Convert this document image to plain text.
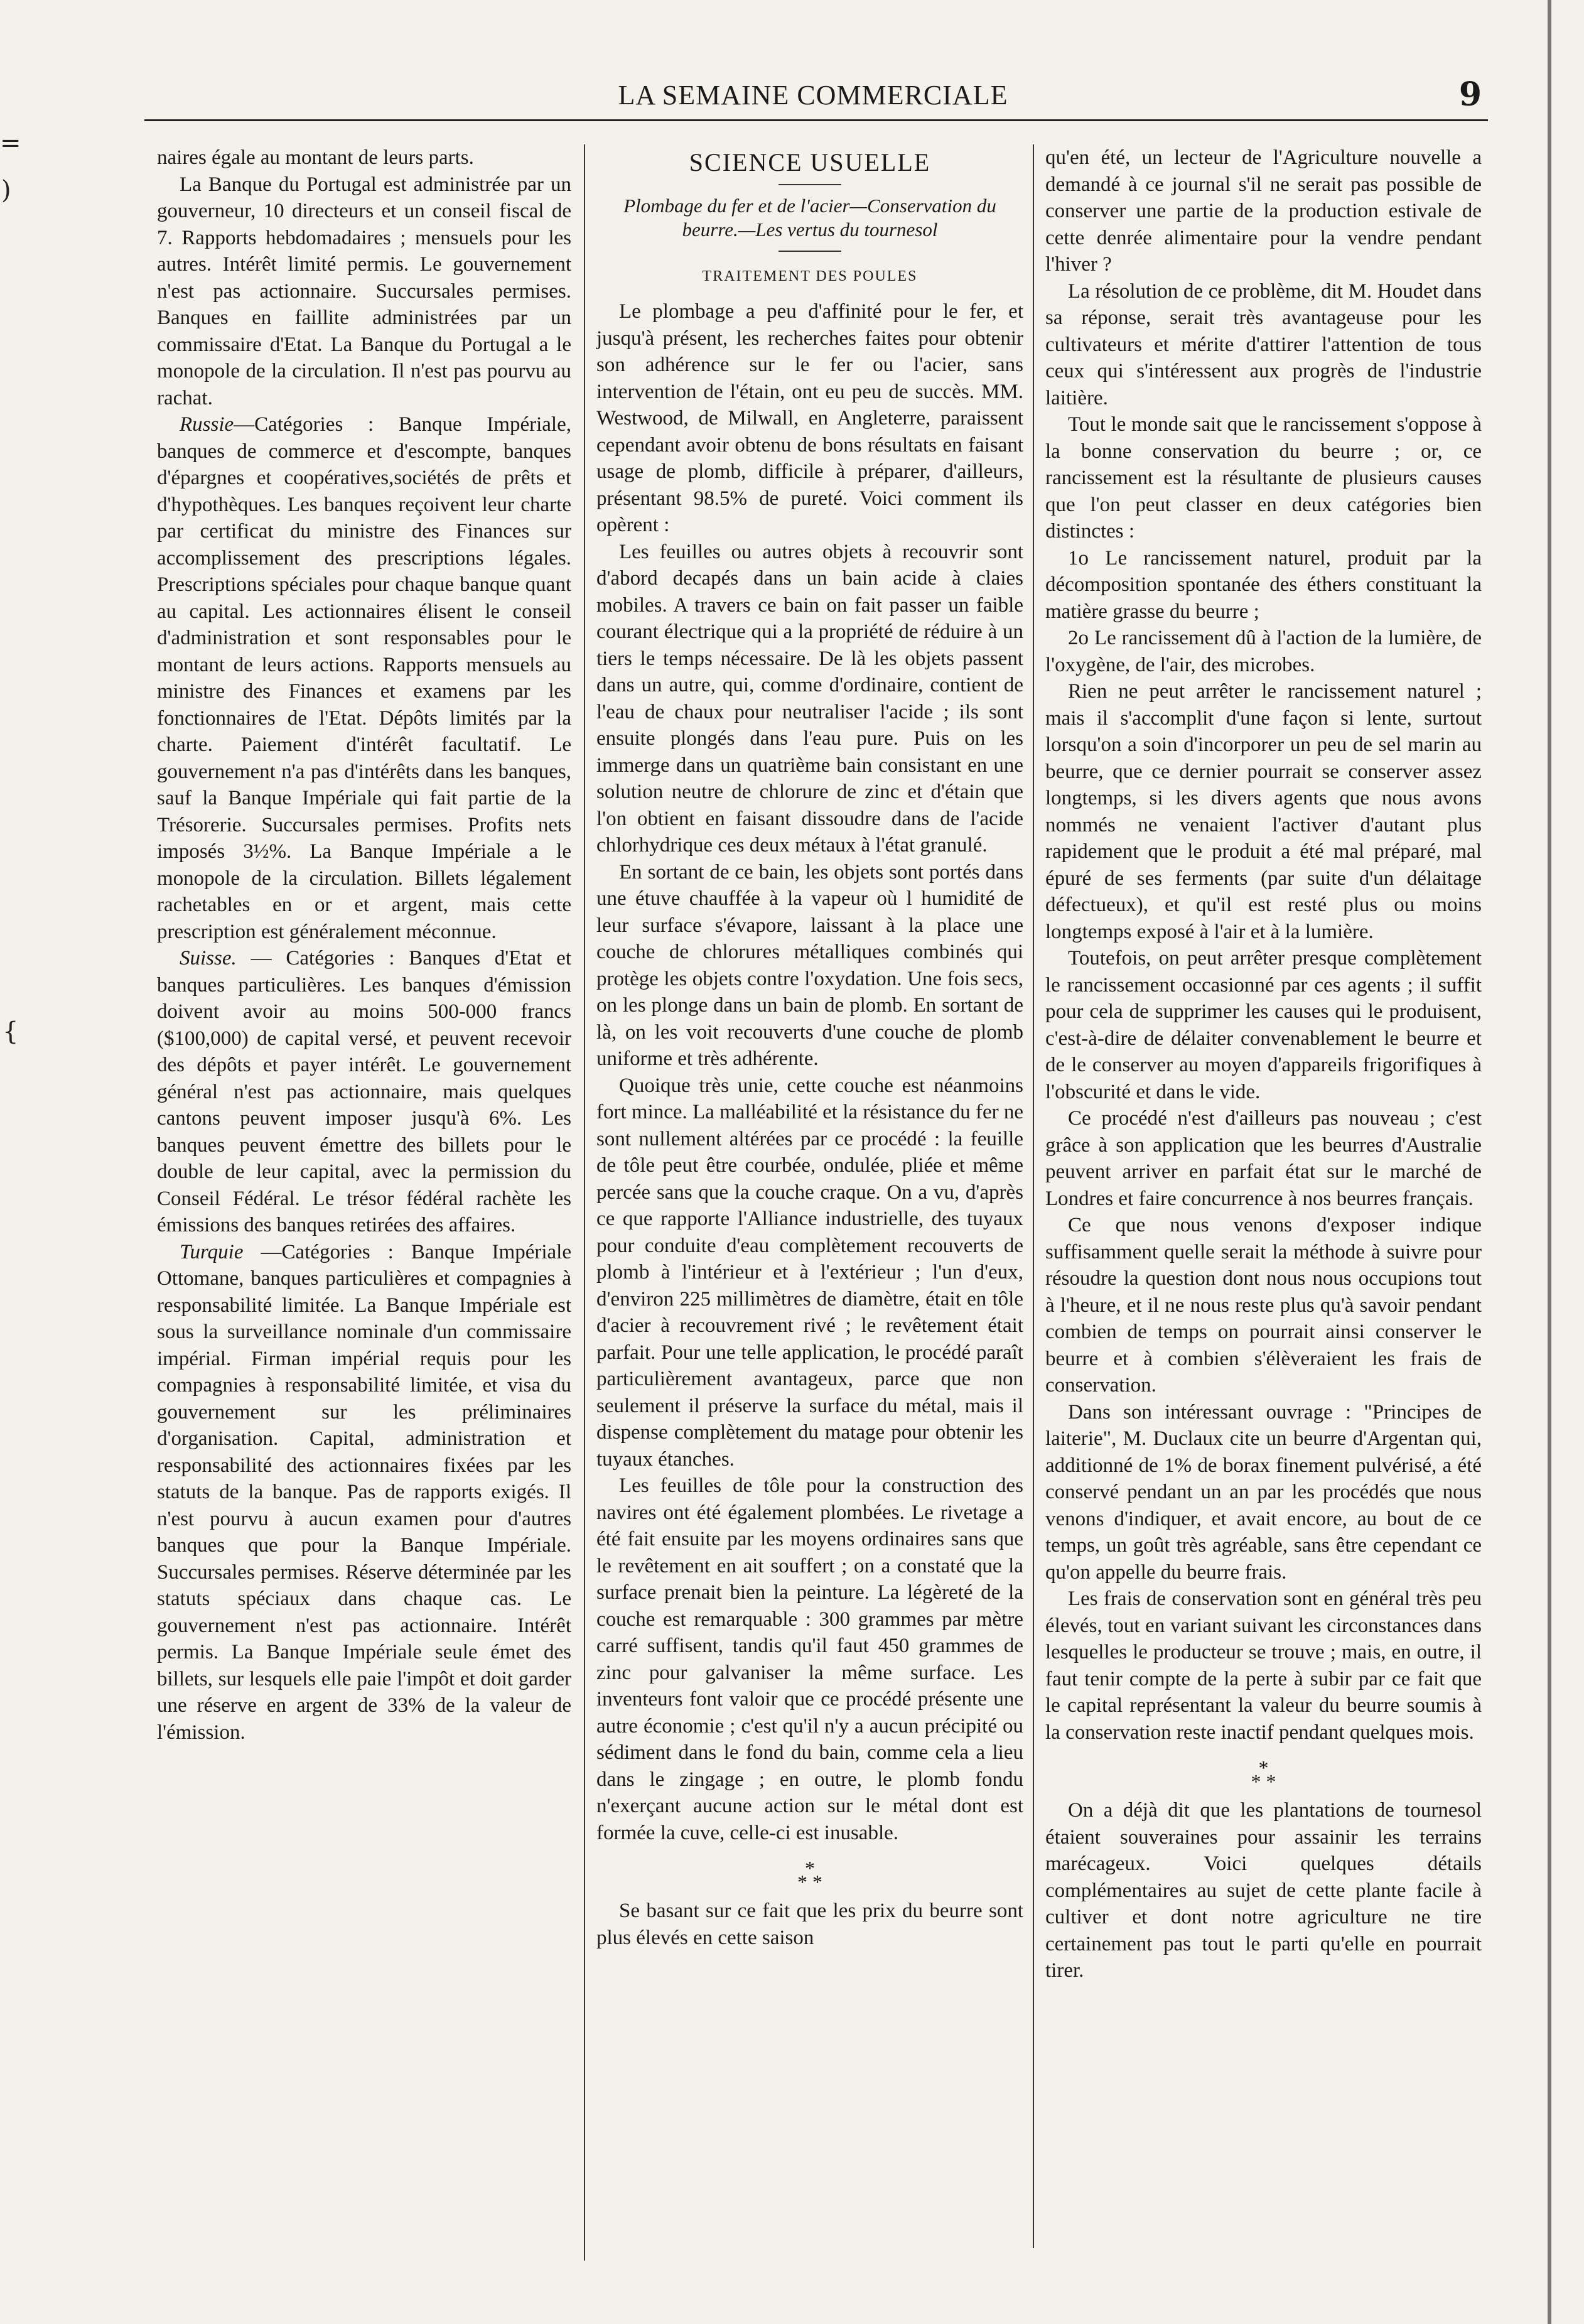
LA SEMAINE COMMERCIALE	9
=
)
{

naires égale au montant de leurs parts.

La Banque du Portugal est administrée par un gouverneur, 10 directeurs et un conseil fiscal de 7. Rapports hebdomadaires ; mensuels pour les autres. Intérêt limité permis. Le gouvernement n'est pas actionnaire. Succursales permises. Banques en faillite administrées par un commissaire d'Etat. La Banque du Portugal a le monopole de la circulation. Il n'est pas pourvu au rachat.

Russie—Catégories : Banque Impériale, banques de commerce et d'escompte, banques d'épargnes et coopératives,sociétés de prêts et d'hypothèques. Les banques reçoivent leur charte par certificat du ministre des Finances sur accomplissement des prescriptions légales. Prescriptions spéciales pour chaque banque quant au capital. Les actionnaires élisent le conseil d'administration et sont responsables pour le montant de leurs actions. Rapports mensuels au ministre des Finances et examens par les fonctionnaires de l'Etat. Dépôts limités par la charte. Paiement d'intérêt facultatif. Le gouvernement n'a pas d'intérêts dans les banques, sauf la Banque Impériale qui fait partie de la Trésorerie. Succursales permises. Profits nets imposés 3½%. La Banque Impériale a le monopole de la circulation. Billets légalement rachetables en or et argent, mais cette prescription est généralement méconnue.

Suisse. — Catégories : Banques d'Etat et banques particulières. Les banques d'émission doivent avoir au moins 500-000 francs ($100,000) de capital versé, et peuvent recevoir des dépôts et payer intérêt. Le gouvernement général n'est pas actionnaire, mais quelques cantons peuvent imposer jusqu'à 6%. Les banques peuvent émettre des billets pour le double de leur capital, avec la permission du Conseil Fédéral. Le trésor fédéral rachète les émissions des banques retirées des affaires.

Turquie —Catégories : Banque Impériale Ottomane, banques particulières et compagnies à responsabilité limitée. La Banque Impériale est sous la surveillance nominale d'un commissaire impérial. Firman impérial requis pour les compagnies à responsabilité limitée, et visa du gouvernement sur les préliminaires d'organisation. Capital, administration et responsabilité des actionnaires fixées par les statuts de la banque. Pas de rapports exigés. Il n'est pourvu à aucun examen pour d'autres banques que pour la Banque Impériale. Succursales permises. Réserve déterminée par les statuts spéciaux dans chaque cas. Le gouvernement n'est pas actionnaire. Intérêt permis. La Banque Impériale seule émet des billets, sur lesquels elle paie l'impôt et doit garder une réserve en argent de 33% de la valeur de l'émission.

SCIENCE USUELLE
Plombage du fer et de l'acier—Conservation du beurre.—Les vertus du tournesol
TRAITEMENT DES POULES

Le plombage a peu d'affinité pour le fer, et jusqu'à présent, les recherches faites pour obtenir son adhérence sur le fer ou l'acier, sans intervention de l'étain, ont eu peu de succès. MM. Westwood, de Milwall, en Angleterre, paraissent cependant avoir obtenu de bons résultats en faisant usage de plomb, difficile à préparer, d'ailleurs, présentant 98.5% de pureté. Voici comment ils opèrent :

Les feuilles ou autres objets à recouvrir sont d'abord decapés dans un bain acide à claies mobiles. A travers ce bain on fait passer un faible courant électrique qui a la propriété de réduire à un tiers le temps nécessaire. De là les objets passent dans un autre, qui, comme d'ordinaire, contient de l'eau de chaux pour neutraliser l'acide ; ils sont ensuite plongés dans l'eau pure. Puis on les immerge dans un quatrième bain consistant en une solution neutre de chlorure de zinc et d'étain que l'on obtient en faisant dissoudre dans de l'acide chlorhydrique ces deux métaux à l'état granulé.

En sortant de ce bain, les objets sont portés dans une étuve chauffée à la vapeur où l humidité de leur surface s'évapore, laissant à la place une couche de chlorures métalliques combinés qui protège les objets contre l'oxydation. Une fois secs, on les plonge dans un bain de plomb. En sortant de là, on les voit recouverts d'une couche de plomb uniforme et très adhérente.

Quoique très unie, cette couche est néanmoins fort mince. La malléabilité et la résistance du fer ne sont nullement altérées par ce procédé : la feuille de tôle peut être courbée, ondulée, pliée et même percée sans que la couche craque. On a vu, d'après ce que rapporte l'Alliance industrielle, des tuyaux pour conduite d'eau complètement recouverts de plomb à l'intérieur et à l'extérieur ; l'un d'eux, d'environ 225 millimètres de diamètre, était en tôle d'acier à recouvrement rivé ; le revêtement était parfait. Pour une telle application, le procédé paraît particulièrement avantageux, parce que non seulement il préserve la surface du métal, mais il dispense complètement du matage pour obtenir les tuyaux étanches.

Les feuilles de tôle pour la construction des navires ont été également plombées. Le rivetage a été fait ensuite par les moyens ordinaires sans que le revêtement en ait souffert ; on a constaté que la surface prenait bien la peinture. La légèreté de la couche est remarquable : 300 grammes par mètre carré suffisent, tandis qu'il faut 450 grammes de zinc pour galvaniser la même surface. Les inventeurs font valoir que ce procédé présente une autre économie ; c'est qu'il n'y a aucun précipité ou sédiment dans le fond du bain, comme cela a lieu dans le zingage ; en outre, le plomb fondu n'exerçant aucune action sur le métal dont est formée la cuve, celle-ci est inusable.

*
* *

Se basant sur ce fait que les prix du beurre sont plus élevés en cette saison

qu'en été, un lecteur de l'Agriculture nouvelle a demandé à ce journal s'il ne serait pas possible de conserver une partie de la production estivale de cette denrée alimentaire pour la vendre pendant l'hiver ?

La résolution de ce problème, dit M. Houdet dans sa réponse, serait très avantageuse pour les cultivateurs et mérite d'attirer l'attention de tous ceux qui s'intéressent aux progrès de l'industrie laitière.

Tout le monde sait que le rancissement s'oppose à la bonne conservation du beurre ; or, ce rancissement est la résultante de plusieurs causes que l'on peut classer en deux catégories bien distinctes :

1o Le rancissement naturel, produit par la décomposition spontanée des éthers constituant la matière grasse du beurre ;

2o Le rancissement dû à l'action de la lumière, de l'oxygène, de l'air, des microbes.

Rien ne peut arrêter le rancissement naturel ; mais il s'accomplit d'une façon si lente, surtout lorsqu'on a soin d'incorporer un peu de sel marin au beurre, que ce dernier pourrait se conserver assez longtemps, si les divers agents que nous avons nommés ne venaient l'activer d'autant plus rapidement que le produit a été mal préparé, mal épuré de ses ferments (par suite d'un délaitage défectueux), et qu'il est resté plus ou moins longtemps exposé à l'air et à la lumière.

Toutefois, on peut arrêter presque complètement le rancissement occasionné par ces agents ; il suffit pour cela de supprimer les causes qui le produisent, c'est-à-dire de délaiter convenablement le beurre et de le conserver au moyen d'appareils frigorifiques à l'obscurité et dans le vide.

Ce procédé n'est d'ailleurs pas nouveau ; c'est grâce à son application que les beurres d'Australie peuvent arriver en parfait état sur le marché de Londres et faire concurrence à nos beurres français.

Ce que nous venons d'exposer indique suffisamment quelle serait la méthode à suivre pour résoudre la question dont nous nous occupions tout à l'heure, et il ne nous reste plus qu'à savoir pendant combien de temps on pourrait ainsi conserver le beurre et à combien s'élèveraient les frais de conservation.

Dans son intéressant ouvrage : "Principes de laiterie", M. Duclaux cite un beurre d'Argentan qui, additionné de 1% de borax finement pulvérisé, a été conservé pendant un an par les procédés que nous venons d'indiquer, et avait encore, au bout de ce temps, un goût très agréable, sans être cependant ce qu'on appelle du beurre frais.

Les frais de conservation sont en général très peu élevés, tout en variant suivant les circonstances dans lesquelles le producteur se trouve ; mais, en outre, il faut tenir compte de la perte à subir par ce fait que le capital représentant la valeur du beurre soumis à la conservation reste inactif pendant quelques mois.

*
* *

On a déjà dit que les plantations de tournesol étaient souveraines pour assainir les terrains marécageux. Voici quelques détails complémentaires au sujet de cette plante facile à cultiver et dont notre agriculture ne tire certainement pas tout le parti qu'elle en pourrait tirer.
